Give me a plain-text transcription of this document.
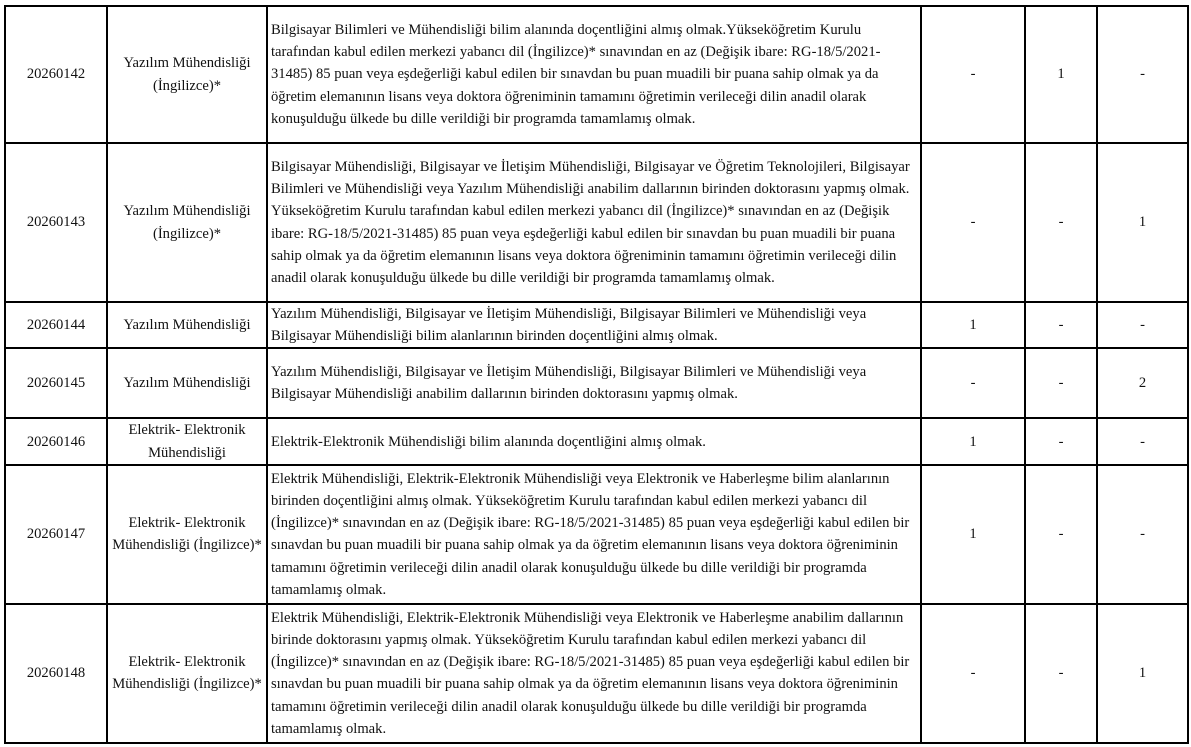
20260142	Yazılım Mühendisliği (İngilizce)*	Bilgisayar Bilimleri ve Mühendisliği bilim alanında doçentliğini almış olmak.Yükseköğretim Kurulu tarafından kabul edilen merkezi yabancı dil (İngilizce)* sınavından en az (Değişik ibare: RG-18/5/2021-31485) 85 puan veya eşdeğerliği kabul edilen bir sınavdan bu puan muadili bir puana sahip olmak ya da öğretim elemanının lisans veya doktora öğreniminin tamamını öğretimin verileceği dilin anadil olarak konuşulduğu ülkede bu dille verildiği bir programda tamamlamış olmak.	-	1	-
20260143	Yazılım Mühendisliği (İngilizce)*	Bilgisayar Mühendisliği, Bilgisayar ve İletişim Mühendisliği, Bilgisayar ve Öğretim Teknolojileri, Bilgisayar Bilimleri ve Mühendisliği veya Yazılım Mühendisliği anabilim dallarının birinden doktorasını yapmış olmak. Yükseköğretim Kurulu tarafından kabul edilen merkezi yabancı dil (İngilizce)* sınavından en az (Değişik ibare: RG-18/5/2021-31485) 85 puan veya eşdeğerliği kabul edilen bir sınavdan bu puan muadili bir puana sahip olmak ya da öğretim elemanının lisans veya doktora öğreniminin tamamını öğretimin verileceği dilin anadil olarak konuşulduğu ülkede bu dille verildiği bir programda tamamlamış olmak.	-	-	1
20260144	Yazılım Mühendisliği	Yazılım Mühendisliği, Bilgisayar ve İletişim Mühendisliği, Bilgisayar Bilimleri ve Mühendisliği veya Bilgisayar Mühendisliği bilim alanlarının birinden doçentliğini almış olmak.	1	-	-
20260145	Yazılım Mühendisliği	Yazılım Mühendisliği, Bilgisayar ve İletişim Mühendisliği, Bilgisayar Bilimleri ve Mühendisliği veya Bilgisayar Mühendisliği anabilim dallarının birinden doktorasını yapmış olmak.	-	-	2
20260146	Elektrik- Elektronik Mühendisliği	Elektrik-Elektronik Mühendisliği bilim alanında doçentliğini almış olmak.	1	-	-
20260147	Elektrik- Elektronik Mühendisliği (İngilizce)*	Elektrik Mühendisliği, Elektrik-Elektronik Mühendisliği veya Elektronik ve Haberleşme bilim alanlarının birinden doçentliğini almış olmak. Yükseköğretim Kurulu tarafından kabul edilen merkezi yabancı dil (İngilizce)* sınavından en az (Değişik ibare: RG-18/5/2021-31485) 85 puan veya eşdeğerliği kabul edilen bir sınavdan bu puan muadili bir puana sahip olmak ya da öğretim elemanının lisans veya doktora öğreniminin tamamını öğretimin verileceği dilin anadil olarak konuşulduğu ülkede bu dille verildiği bir programda tamamlamış olmak.	1	-	-
20260148	Elektrik- Elektronik Mühendisliği (İngilizce)*	Elektrik Mühendisliği, Elektrik-Elektronik Mühendisliği veya Elektronik ve Haberleşme anabilim dallarının birinde doktorasını yapmış olmak. Yükseköğretim Kurulu tarafından kabul edilen merkezi yabancı dil (İngilizce)* sınavından en az (Değişik ibare: RG-18/5/2021-31485) 85 puan veya eşdeğerliği kabul edilen bir sınavdan bu puan muadili bir puana sahip olmak ya da öğretim elemanının lisans veya doktora öğreniminin tamamını öğretimin verileceği dilin anadil olarak konuşulduğu ülkede bu dille verildiği bir programda tamamlamış olmak.	-	-	1
